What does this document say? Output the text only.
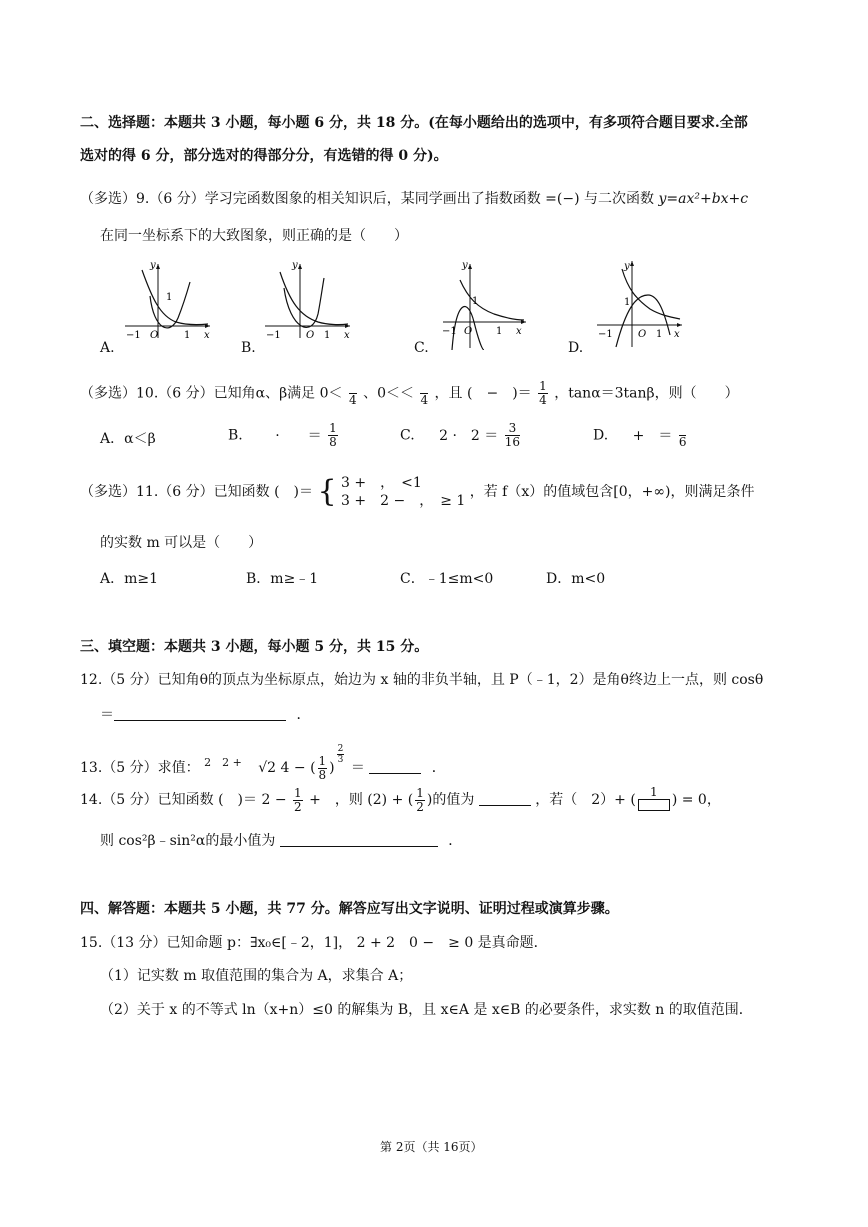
二、选择题：本题共 3 小题，每小题 6 分，共 18 分。(在每小题给出的选项中，有多项符合题目要求.全部
选对的得 6 分，部分选对的得部分分，有选错的得 0 分)。
（多选）9.（6 分）学习完函数图象的相关知识后，某同学画出了指数函数 =(−) 与二次函数 y=ax²+bx+c
在同一坐标系下的大致图象，则正确的是（　　）
y
x
O
1
1
−1
y
x
O 1
−1
y
x
O
1
1
−1
y
x
O
1
1
−1
A.	B.	C.	D.
（多选）10.（6 分）已知角α、β满足 0＜
4 、0＜＜
4 ，且 (　−　)＝ $\frac{1}{4}$ ，tanα＝3tanβ，则（　　）
A．α＜β	B. ·　　＝ $\frac{1}{8}$	C. 2 ·　$2 = \frac{3}{16}$	D. +　＝
6
（多选）11.（6 分）已知函数 (　)＝ { 3 +　，　<1
3 +　2 −　，　≥ 1
，若 f（x）的值域包含[0，+∞)，则满足条件
的实数 m 可以是（　　）
A．m≥1	B．m≥﹣1	C．﹣1≤m<0	D．m<0
三、填空题：本题共 3 小题，每小题 5 分，共 15 分。
12.（5 分）已知角θ的顶点为坐标原点，始边为 x 轴的非负半轴，且 P（﹣1，2）是角θ终边上一点，则 cosθ
＝	．
13.（5 分）求值： $^{2 2 +}$ √2 4 − ( $\frac{1}{8}$ )
$\frac{2}{3}$
＝	．
14.（5 分）已知函数 (　)＝ $2 - \frac{1}{2}$ +　，则 (2) + ( $\frac{1}{2}$ )的值为	，若（　2）+ (	1	) = 0，
则 cos²β﹣sin²α的最小值为	．
四、解答题：本题共 5 小题，共 77 分。解答应写出文字说明、证明过程或演算步骤。
15.（13 分）已知命题 p：∃x₀∈[﹣2，1]， 2 + 2　0 −　≥ 0 是真命题．
（1）记实数 m 取值范围的集合为 A，求集合 A；
（2）关于 x 的不等式 ln（x+n）≤0 的解集为 B，且 x∈A 是 x∈B 的必要条件，求实数 n 的取值范围．
第 2页（共 16页）
